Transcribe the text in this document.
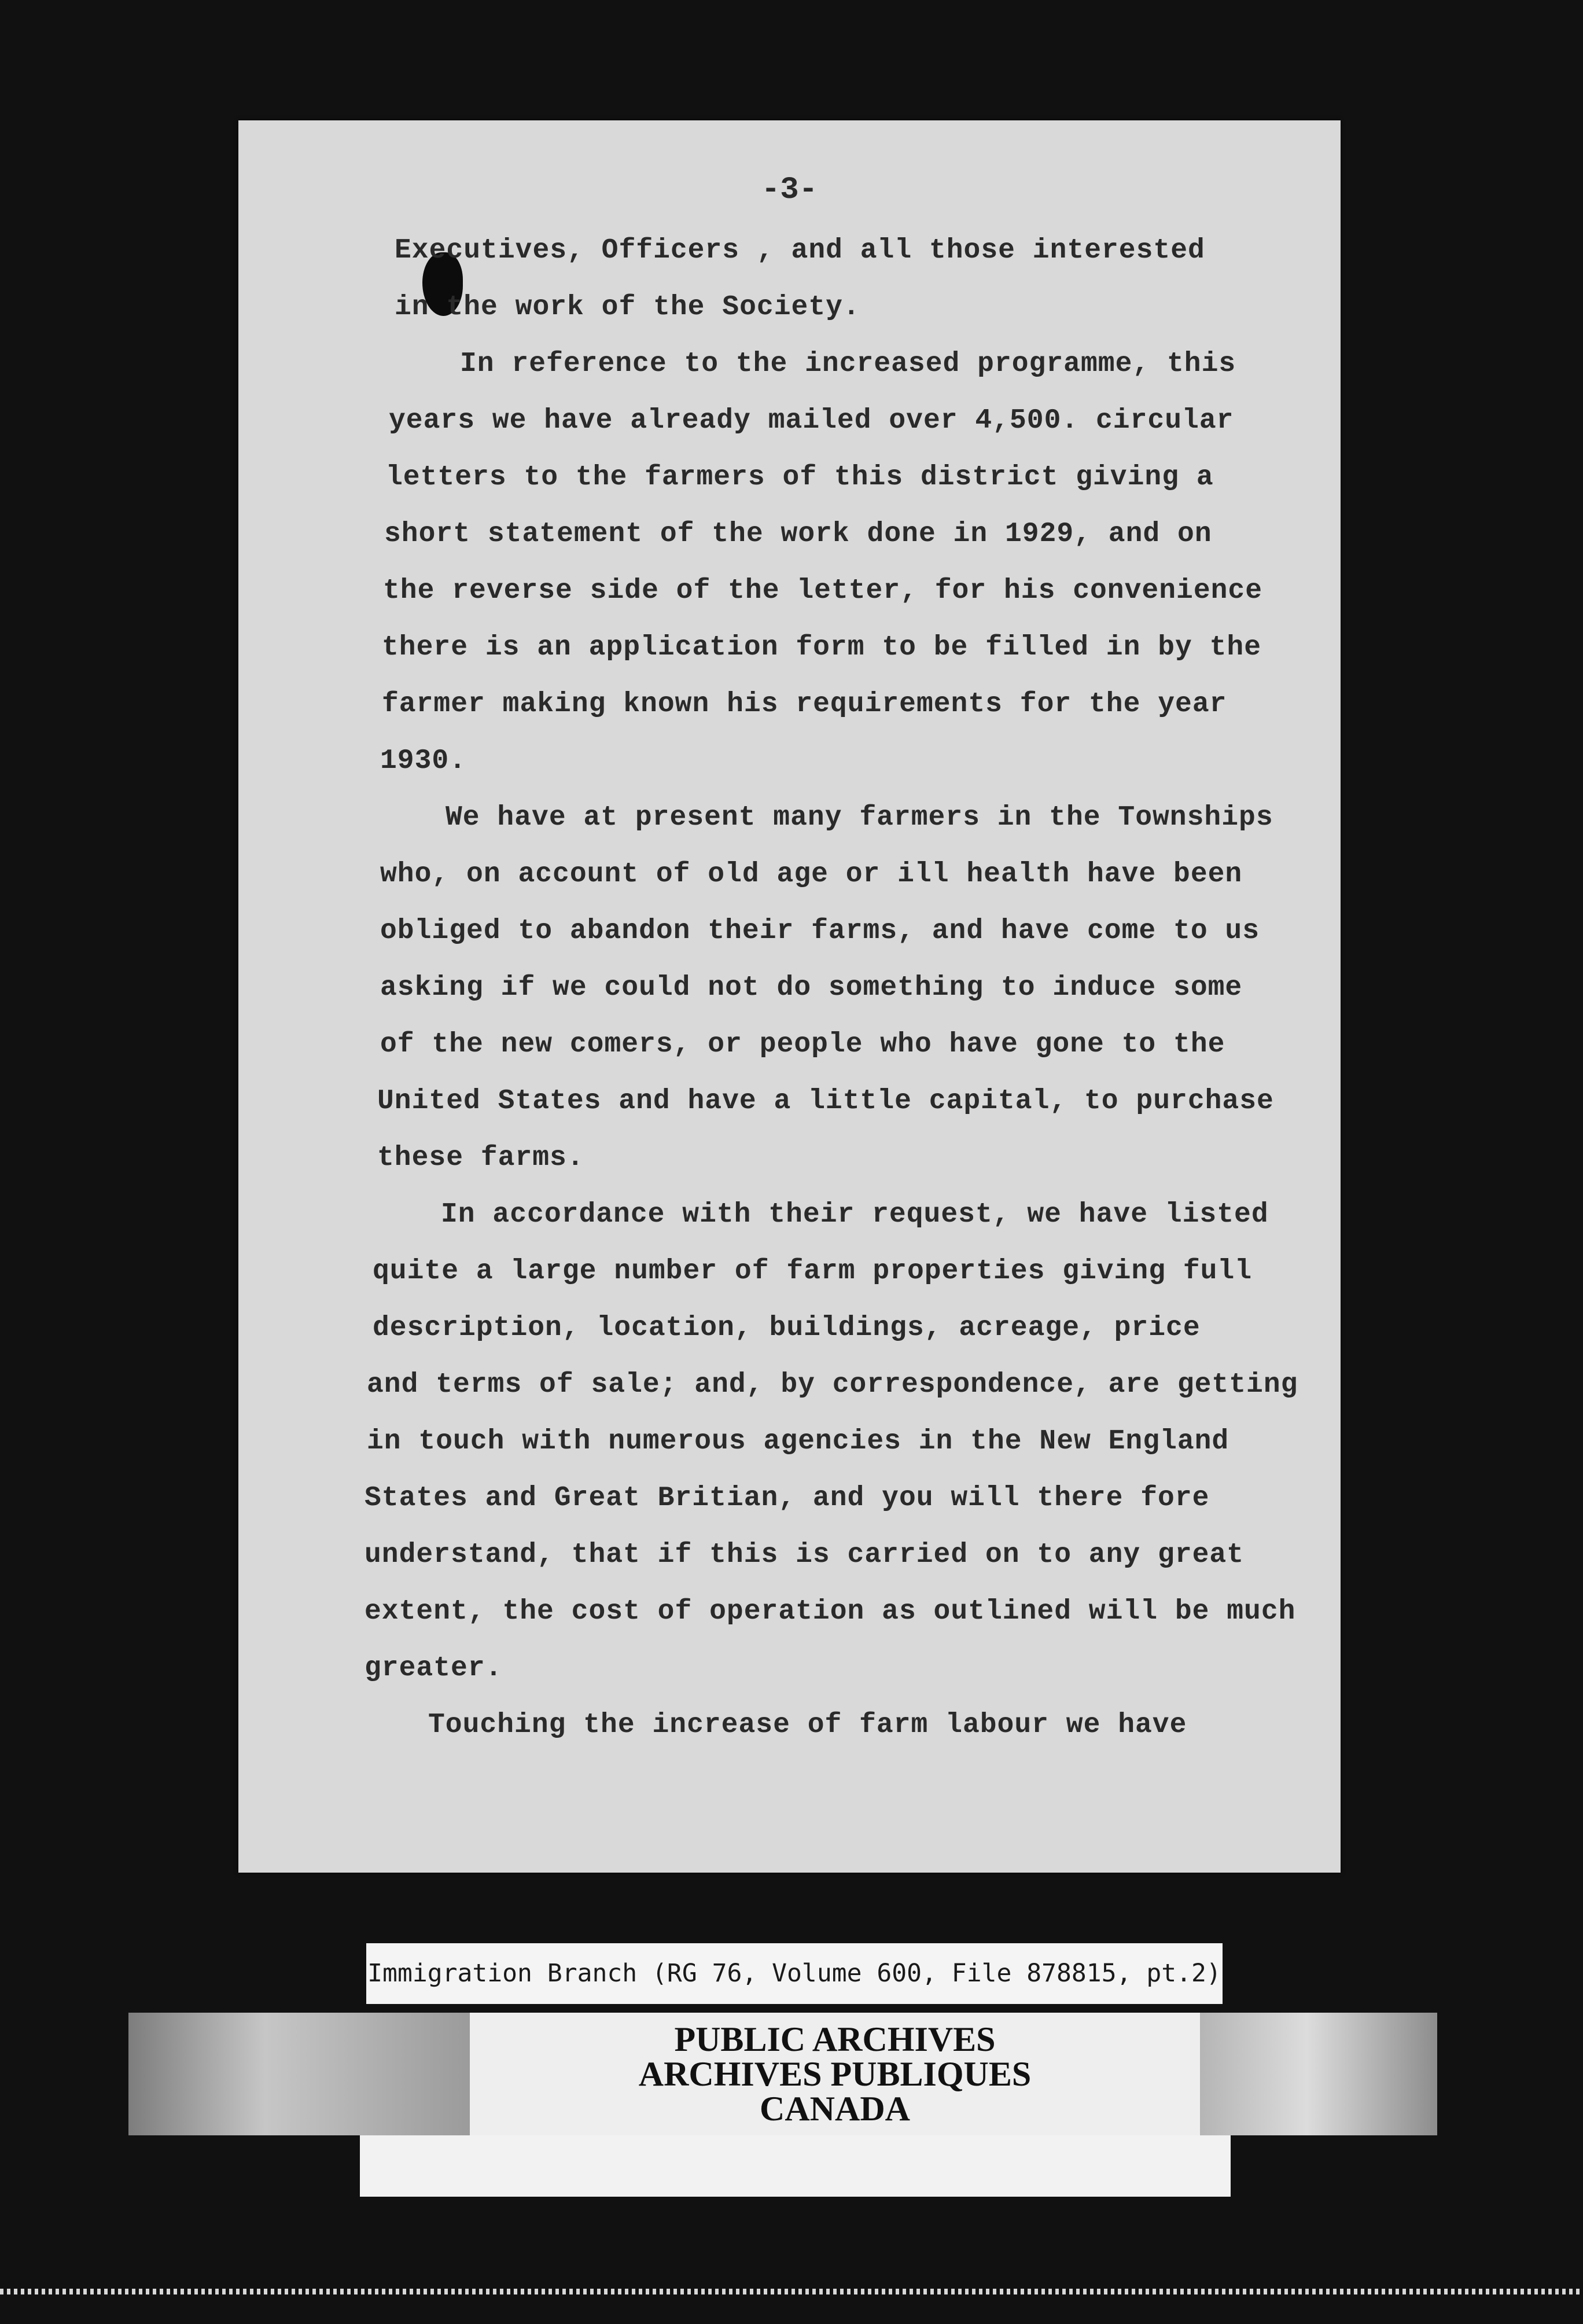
-3-
Executives, Officers , and all those interested
in the work of the Society.
In reference to the increased programme, this
years we have already mailed over 4,500. circular
letters to the farmers of this district giving a
short statement of the work done in 1929, and on
the reverse side of the letter, for his convenience
there is an application form to be filled in by the
farmer making known his requirements for the year
1930.
We have at present many farmers in the Townships
who, on account of old age or ill health have been
obliged to abandon their farms, and have come to us
asking if we could not do something to induce some
of the new comers, or people who have gone to the
United States and have a little capital, to purchase
these farms.
In accordance with their request, we have listed
quite a large number of farm properties giving full
description, location, buildings, acreage, price
and terms of sale; and, by correspondence, are getting
in touch with numerous agencies in the New England
States and Great Britian, and you will there fore
understand, that if this is carried on to any great
extent, the cost of operation as outlined will be much
greater.
Touching the increase of farm labour we have
Immigration Branch (RG 76, Volume 600, File 878815, pt.2)
PUBLIC ARCHIVES
ARCHIVES PUBLIQUES
CANADA
